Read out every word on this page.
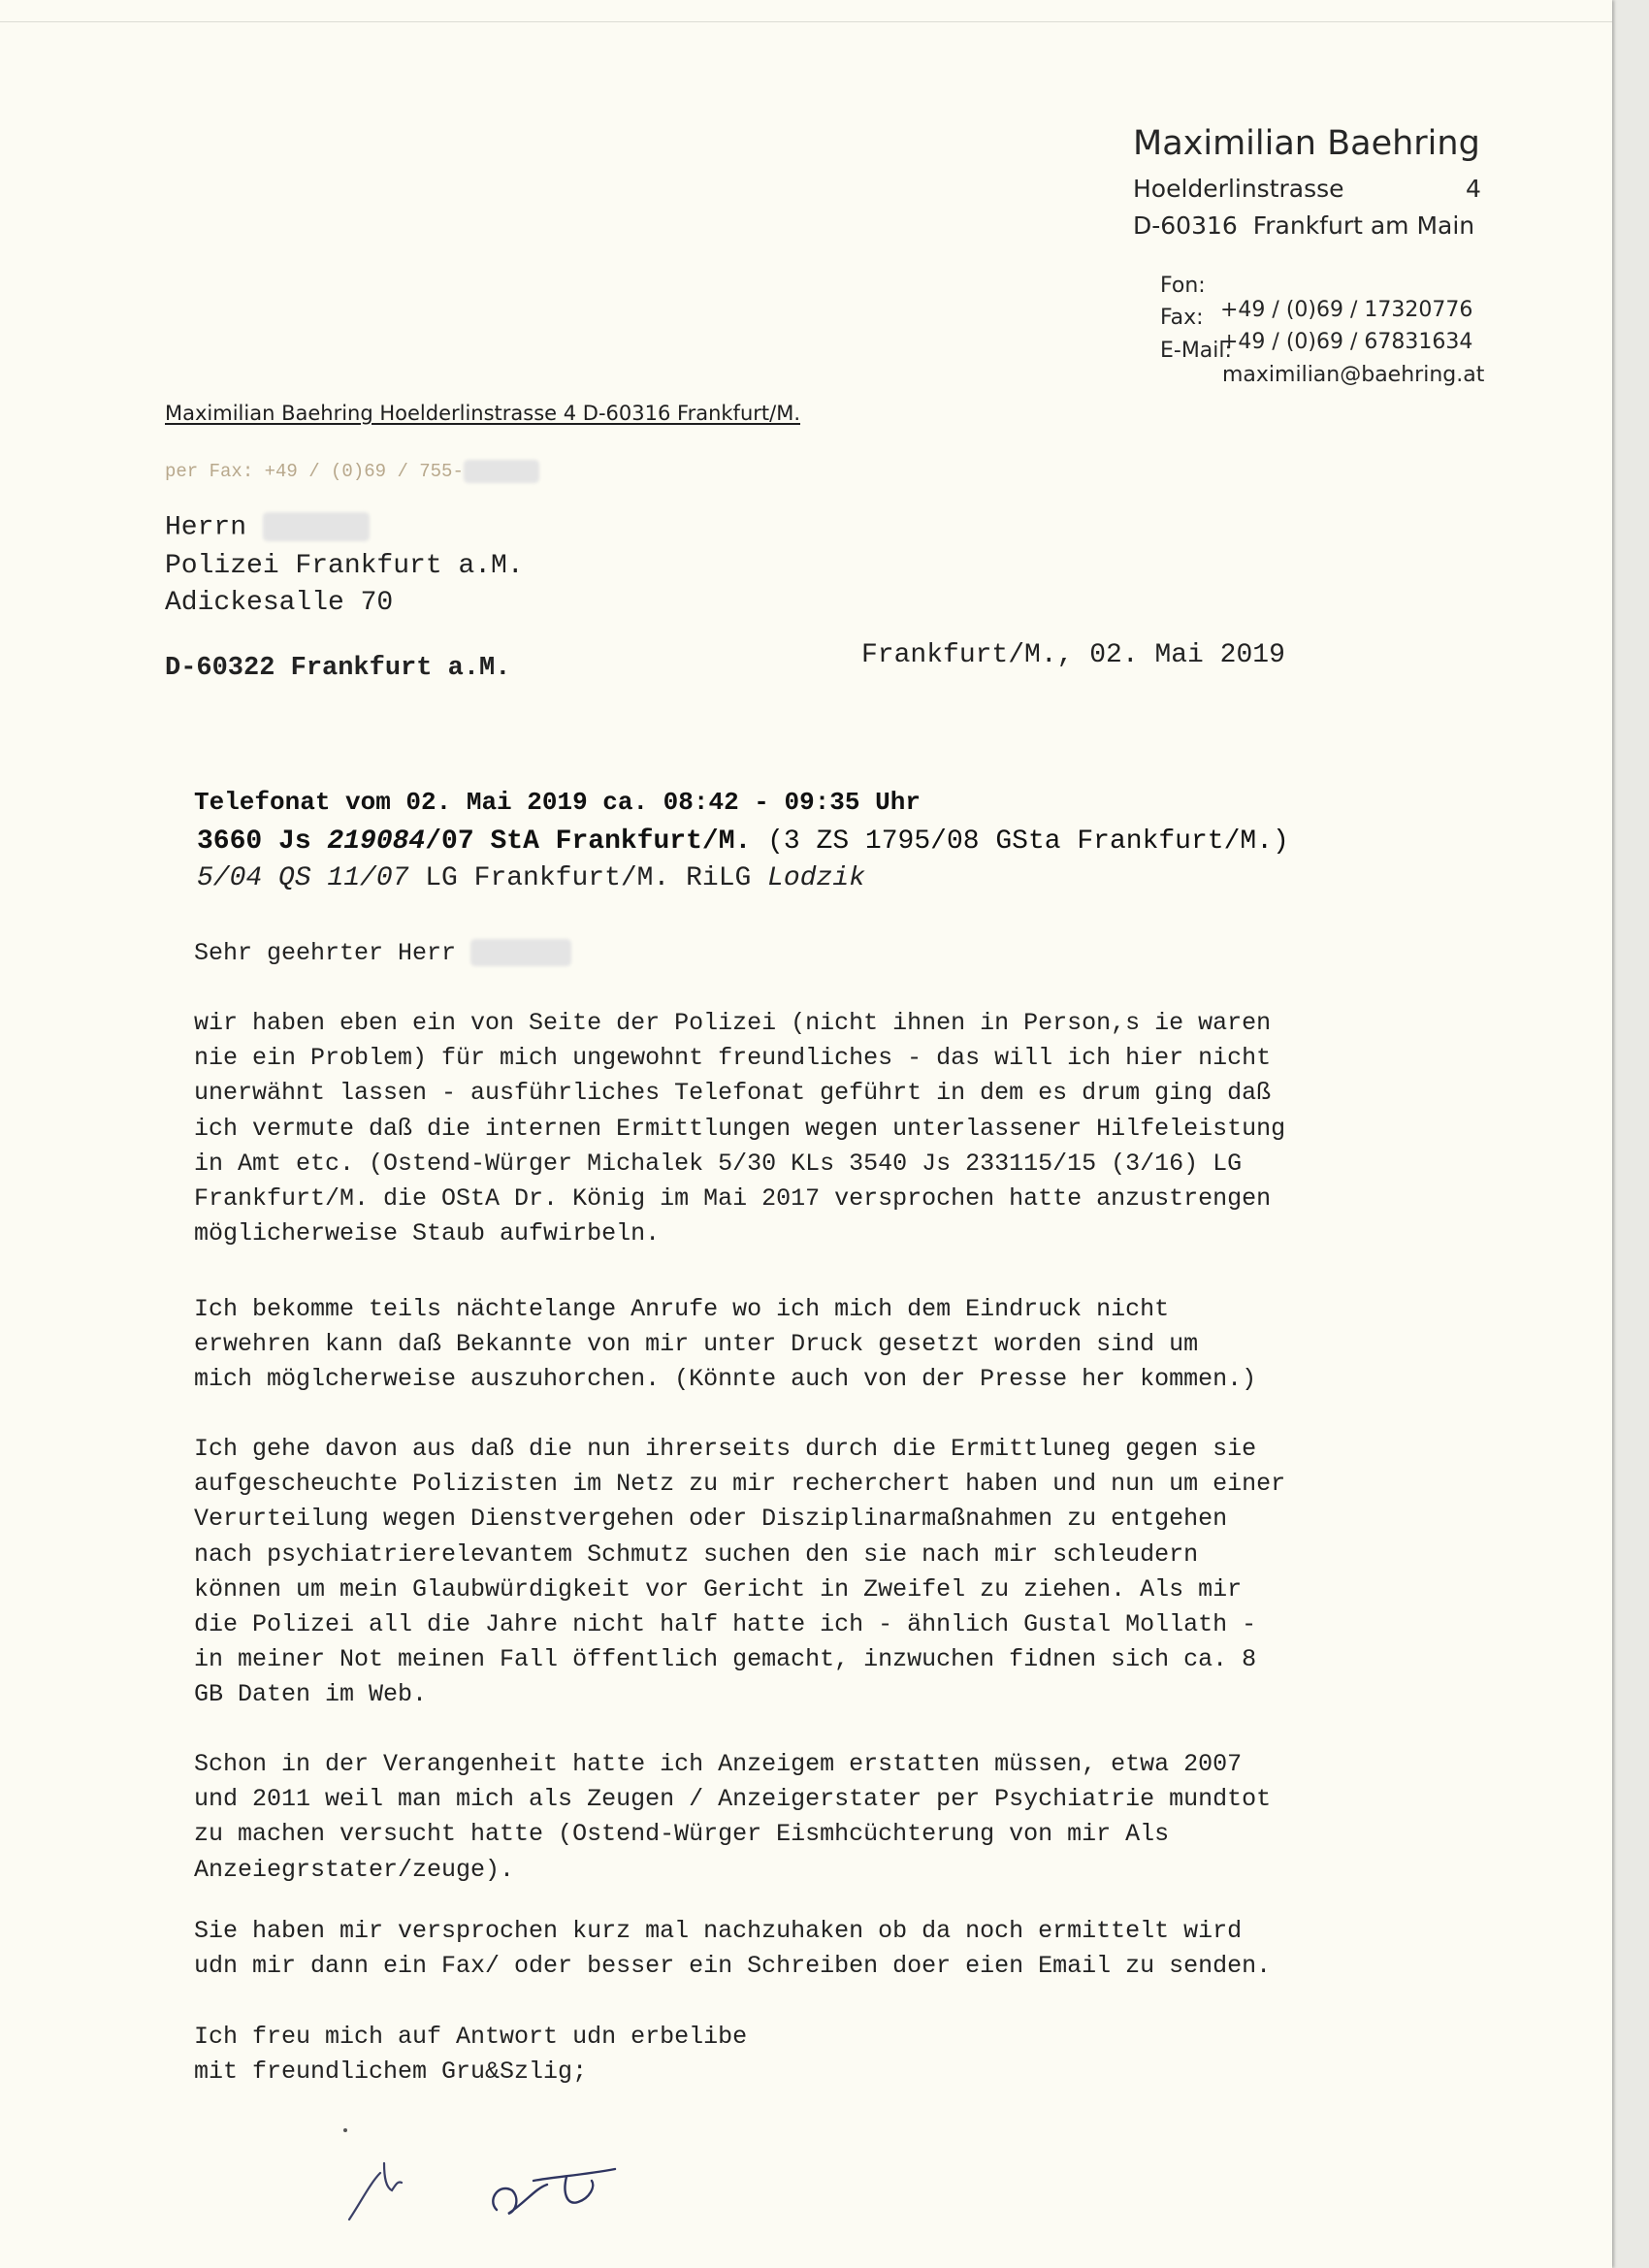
Maximilian Baehring
Hoelderlinstrasse	4
D-60316  Frankfurt am Main

Fon:

+49 / (0)69 / 17320776

Fax:

+49 / (0)69 / 67831634

E-Mail:

maximilian@baehring.at

Maximilian Baehring Hoelderlinstrasse 4 D-60316 Frankfurt/M.
per Fax: +49 / (0)69 / 755-
Herrn
Polizei Frankfurt a.M.
Adickesalle 70
D-60322 Frankfurt a.M.	Frankfurt/M., 02. Mai 2019
Telefonat vom 02. Mai 2019 ca. 08:42 - 09:35 Uhr
3660 Js 219084/07 StA Frankfurt/M. (3 ZS 1795/08 GSta Frankfurt/M.)
5/04 QS 11/07 LG Frankfurt/M. RiLG Lodzik
Sehr geehrter Herr
wir haben eben ein von Seite der Polizei (nicht ihnen in Person,s ie waren
nie ein Problem) für mich ungewohnt freundliches - das will ich hier nicht
unerwähnt lassen - ausführliches Telefonat geführt in dem es drum ging daß
ich vermute daß die internen Ermittlungen wegen unterlassener Hilfeleistung
in Amt etc. (Ostend-Würger Michalek 5/30 KLs 3540 Js 233115/15 (3/16) LG
Frankfurt/M. die OStA Dr. König im Mai 2017 versprochen hatte anzustrengen
möglicherweise Staub aufwirbeln.
Ich bekomme teils nächtelange Anrufe wo ich mich dem Eindruck nicht
erwehren kann daß Bekannte von mir unter Druck gesetzt worden sind um
mich möglcherweise auszuhorchen. (Könnte auch von der Presse her kommen.)
Ich gehe davon aus daß die nun ihrerseits durch die Ermittluneg gegen sie
aufgescheuchte Polizisten im Netz zu mir recherchert haben und nun um einer
Verurteilung wegen Dienstvergehen oder Disziplinarmaßnahmen zu entgehen
nach psychiatrierelevantem Schmutz suchen den sie nach mir schleudern
können um mein Glaubwürdigkeit vor Gericht in Zweifel zu ziehen. Als mir
die Polizei all die Jahre nicht half hatte ich - ähnlich Gustal Mollath -
in meiner Not meinen Fall öffentlich gemacht, inzwuchen fidnen sich ca. 8
GB Daten im Web.
Schon in der Verangenheit hatte ich Anzeigem erstatten müssen, etwa 2007
und 2011 weil man mich als Zeugen / Anzeigerstater per Psychiatrie mundtot
zu machen versucht hatte (Ostend-Würger Eismhcüchterung von mir Als
Anzeiegrstater/zeuge).
Sie haben mir versprochen kurz mal nachzuhaken ob da noch ermittelt wird
udn mir dann ein Fax/ oder besser ein Schreiben doer eien Email zu senden.
Ich freu mich auf Antwort udn erbelibe
mit freundlichem Gru&Szlig;
